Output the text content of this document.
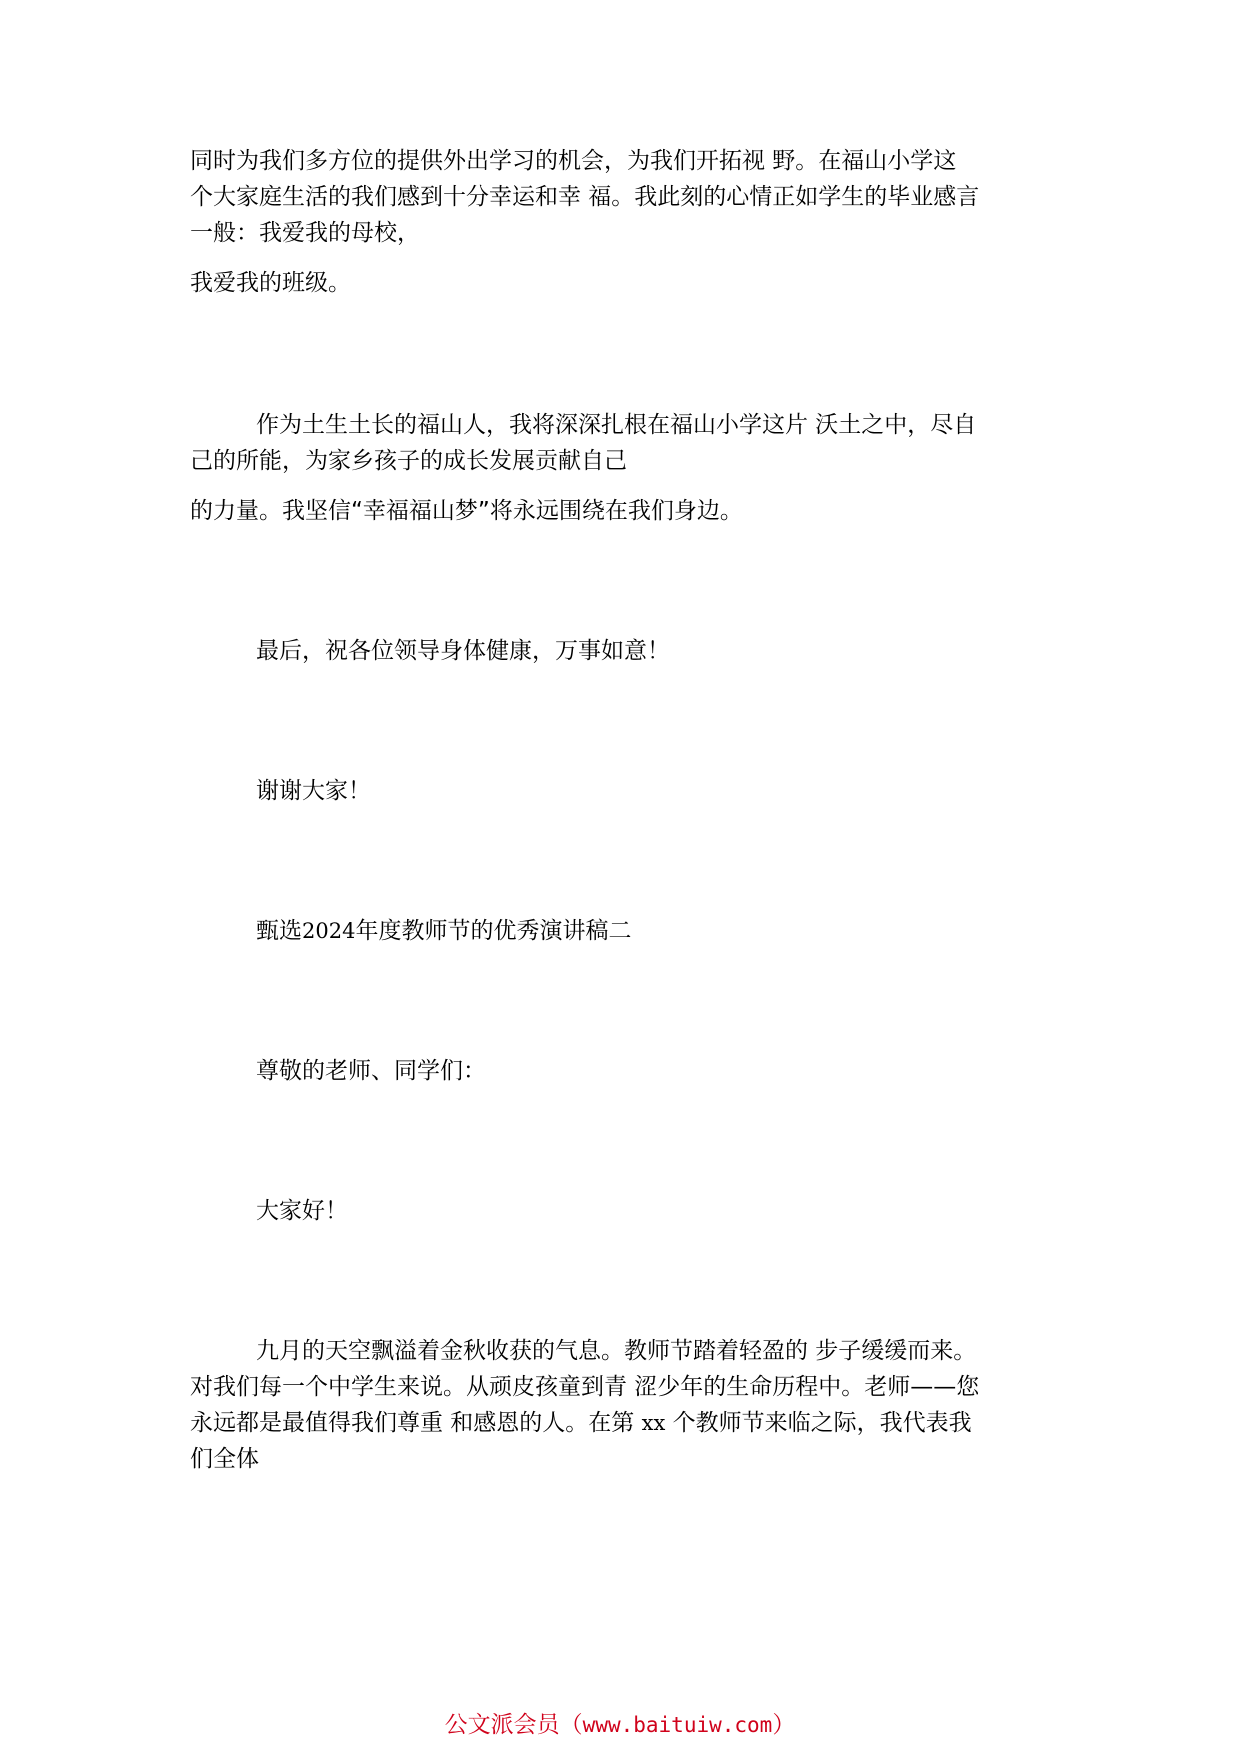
同时为我们多方位的提供外出学习的机会，为我们开拓视 野。在福山小学这
个大家庭生活的我们感到十分幸运和幸 福。我此刻的心情正如学生的毕业感言
一般：我爱我的母校，
我爱我的班级。
作为土生土长的福山人，我将深深扎根在福山小学这片 沃土之中，尽自
己的所能，为家乡孩子的成长发展贡献自己
的力量。我坚信“幸福福山梦”将永远围绕在我们身边。
最后，祝各位领导身体健康，万事如意！
谢谢大家！
甄选2024年度教师节的优秀演讲稿二
尊敬的老师、同学们：
大家好！
九月的天空飘溢着金秋收获的气息。教师节踏着轻盈的 步子缓缓而来。
对我们每一个中学生来说。从顽皮孩童到青 涩少年的生命历程中。老师——您
永远都是最值得我们尊重 和感恩的人。在第 xx 个教师节来临之际，我代表我
们全体
公文派会员（www.baituiw.com）
